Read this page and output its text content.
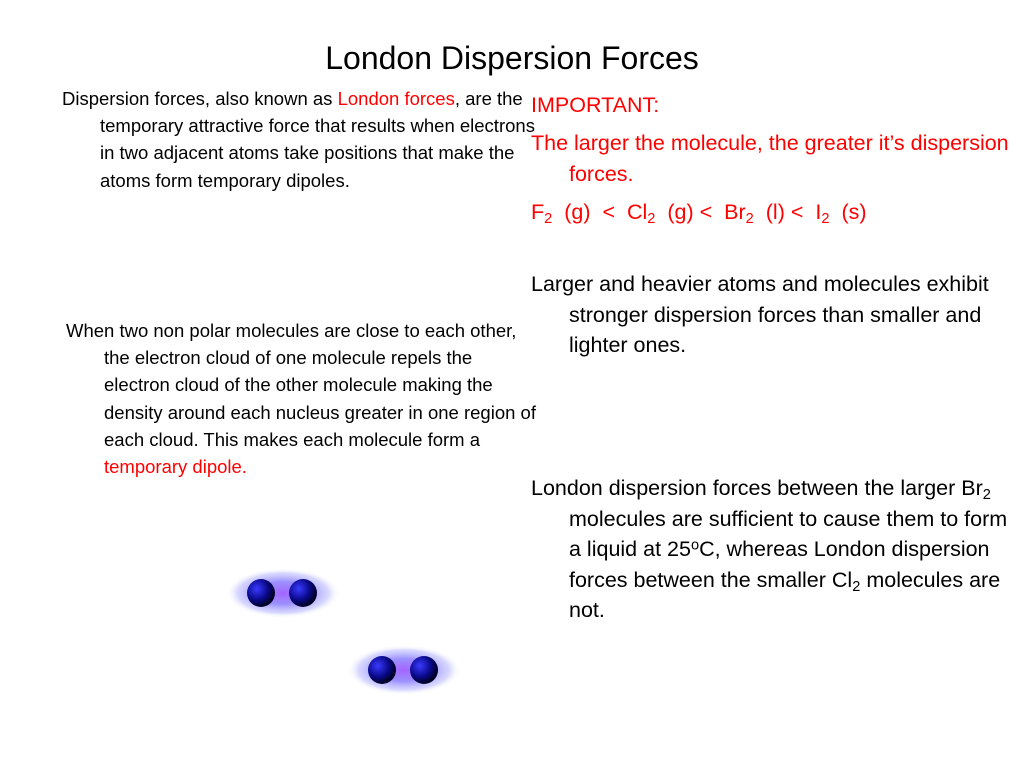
London Dispersion Forces

Dispersion forces, also known as London forces, are the temporary attractive force that results when electrons in two adjacent atoms take positions that make the atoms form temporary dipoles.

When two non polar molecules are close to each other, the electron cloud of one molecule repels the electron cloud of the other molecule making the density around each nucleus greater in one region of each cloud. This makes each molecule form a temporary dipole.

IMPORTANT:

The larger the molecule, the greater it’s dispersion forces.

$F_2$ $(g) < Cl_2$ $(g) < Br_2$ $(l) < I_2$ (s)

Larger and heavier atoms and molecules exhibit stronger dispersion forces than smaller and lighter ones.

London dispersion forces between the larger $Br_2$ molecules are sufficient to cause them to form a liquid at 25$^o$C, whereas London dispersion forces between the smaller $Cl_2$ molecules are not.
